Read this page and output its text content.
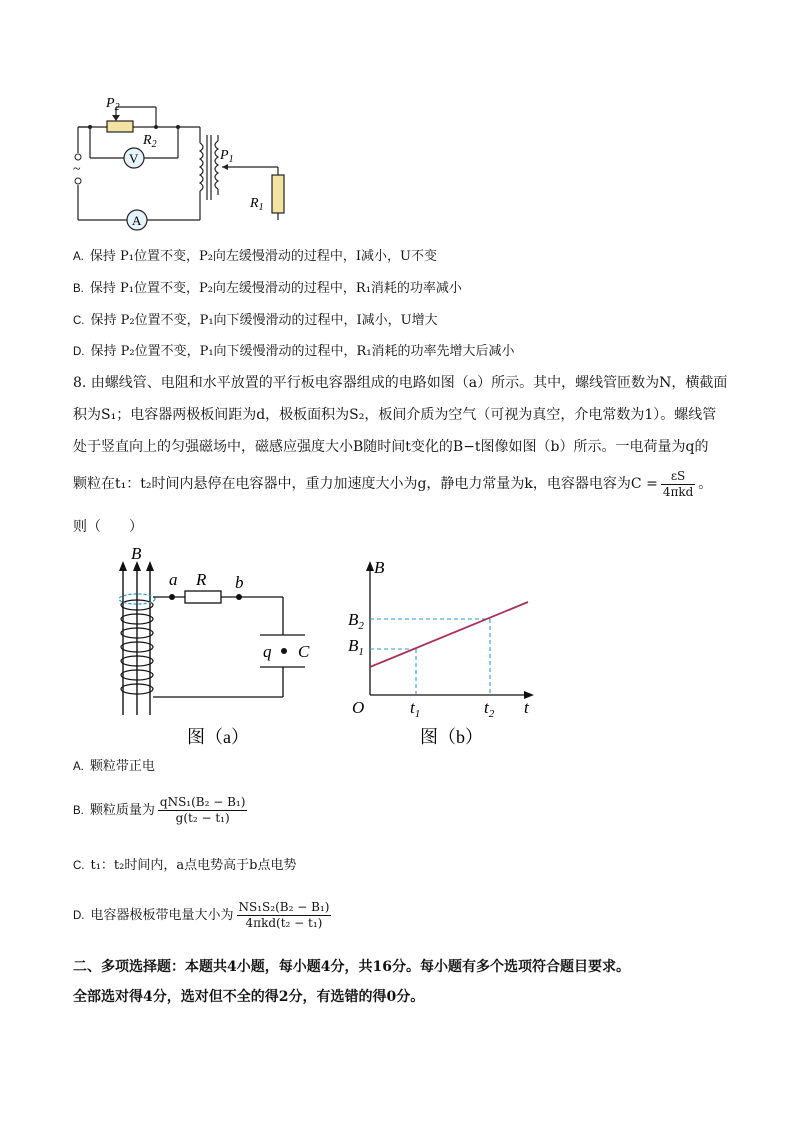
$P_2$
$R_2$
V
A
$P_1$
$R_1$
~
A. 保持 P₁位置不变，P₂向左缓慢滑动的过程中，I减小，U不变
B. 保持 P₁位置不变，P₂向左缓慢滑动的过程中，R₁消耗的功率减小
C. 保持 P₂位置不变，P₁向下缓慢滑动的过程中，I减小，U增大
D. 保持 P₂位置不变，P₁向下缓慢滑动的过程中，R₁消耗的功率先增大后减小
8. 由螺线管、电阻和水平放置的平行板电容器组成的电路如图（a）所示。其中，螺线管匝数为N，横截面
积为S₁；电容器两极板间距为d，极板面积为S₂，板间介质为空气（可视为真空，介电常数为1）。螺线管
处于竖直向上的匀强磁场中，磁感应强度大小B随时间t变化的B−t图像如图（b）所示。一电荷量为q的
颗粒在t₁：t₂时间内悬停在电容器中，重力加速度大小为g，静电力常量为k，电容器电容为$C = \frac{\varepsilon S}{\text{4πkd}}$ 。
则（　　）
B
a R b
q C
图（a）
B
$B_2$
$B_1$
O	$t_1$	$t_2$ t
图（b）
A. 颗粒带正电
B. 颗粒质量为 $\frac{\text{qNS₁(B₂ − B₁)}}{\text{g(t₂ − t₁)}}$
C. t₁：t₂时间内，a点电势高于b点电势
D. 电容器极板带电量大小为 $\frac{\text{NS₁S₂(B₂ − B₁)}}{\text{4πkd(t₂ − t₁)}}$
二、多项选择题：本题共4小题，每小题4分，共16分。每小题有多个选项符合题目要求。
全部选对得4分，选对但不全的得2分，有选错的得0分。
